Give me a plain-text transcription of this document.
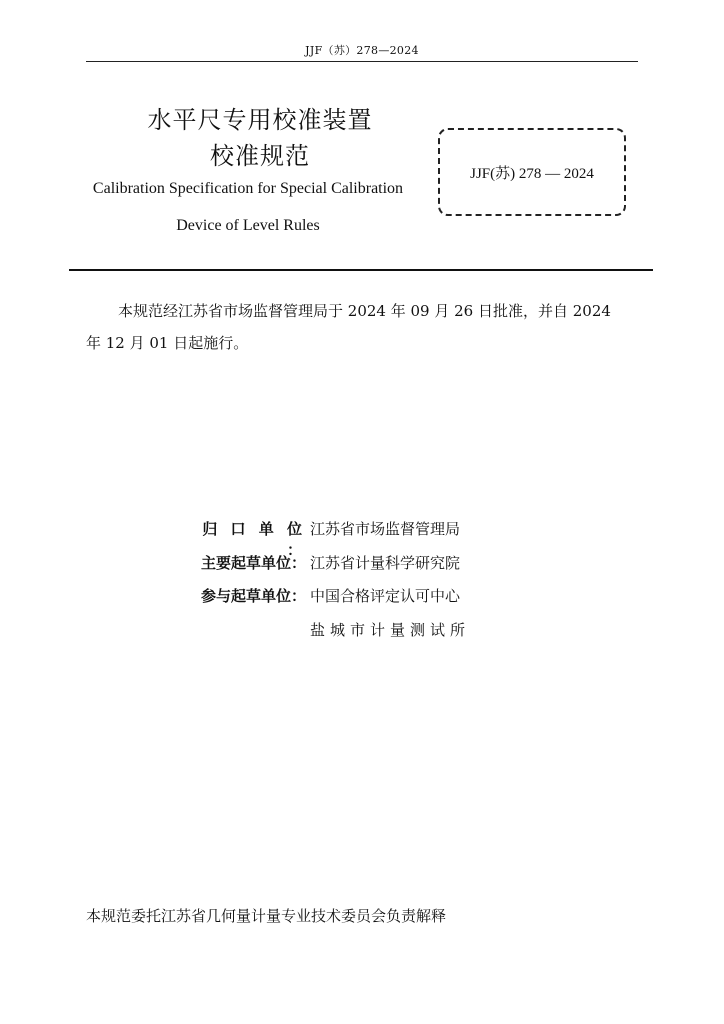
JJF（苏）278—2024
水平尺专用校准装置
校准规范
Calibration Specification for Special Calibration
Device of Level Rules
JJF(苏) 278 — 2024
本规范经江苏省市场监督管理局于 2024 年 09 月 26 日批准，并自 2024
年 12 月 01 日起施行。
归 口 单 位 ：
江苏省市场监督管理局
主要起草单位： 江苏省计量科学研究院
参与起草单位： 中国合格评定认可中心
盐城市计量测试所
本规范委托江苏省几何量计量专业技术委员会负责解释
